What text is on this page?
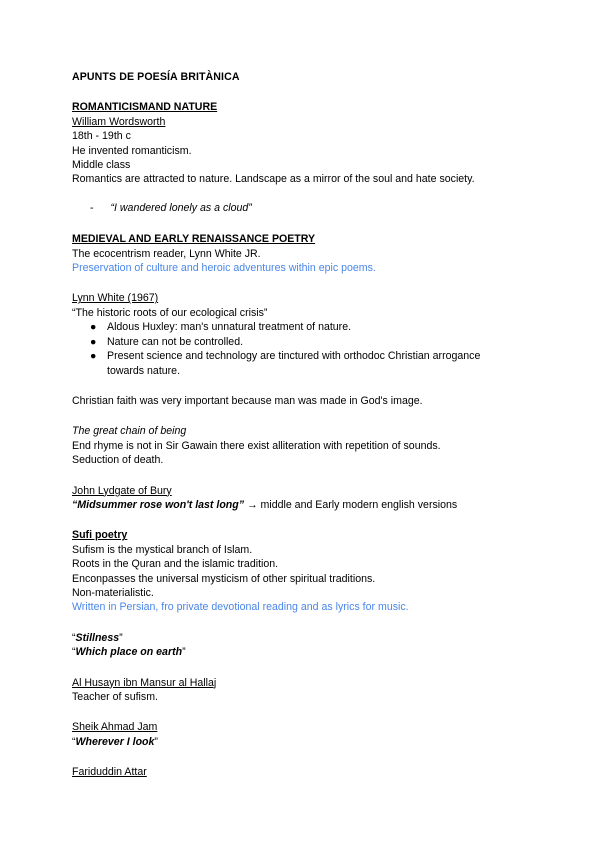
APUNTS DE POESÍA BRITÀNICA
ROMANTICISMAND NATURE
William Wordsworth
18th - 19th c
He invented romanticism.
Middle class
Romantics are attracted to nature. Landscape as a mirror of the soul and hate society.
- “I wandered lonely as a cloud”
MEDIEVAL AND EARLY RENAISSANCE POETRY
The ecocentrism reader, Lynn White JR.
Preservation of culture and heroic adventures within epic poems.
Lynn White (1967)
“The historic roots of our ecological crisis”
● Aldous Huxley: man's unnatural treatment of nature.
● Nature can not be controlled.
● Present science and technology are tinctured with orthodoc Christian arrogance
towards nature.
Christian faith was very important because man was made in God's image.
The great chain of being
End rhyme is not in Sir Gawain there exist alliteration with repetition of sounds.
Seduction of death.
John Lydgate of Bury
“Midsummer rose won't last long” → middle and Early modern english versions
Sufi poetry
Sufism is the mystical branch of Islam.
Roots in the Quran and the islamic tradition.
Enconpasses the universal mysticism of other spiritual traditions.
Non-materialistic.
Written in Persian, fro private devotional reading and as lyrics for music.
“Stillness”
“Which place on earth”
Al Husayn ibn Mansur al Hallaj
Teacher of sufism.
Sheik Ahmad Jam
“Wherever I look”
Fariduddin Attar
